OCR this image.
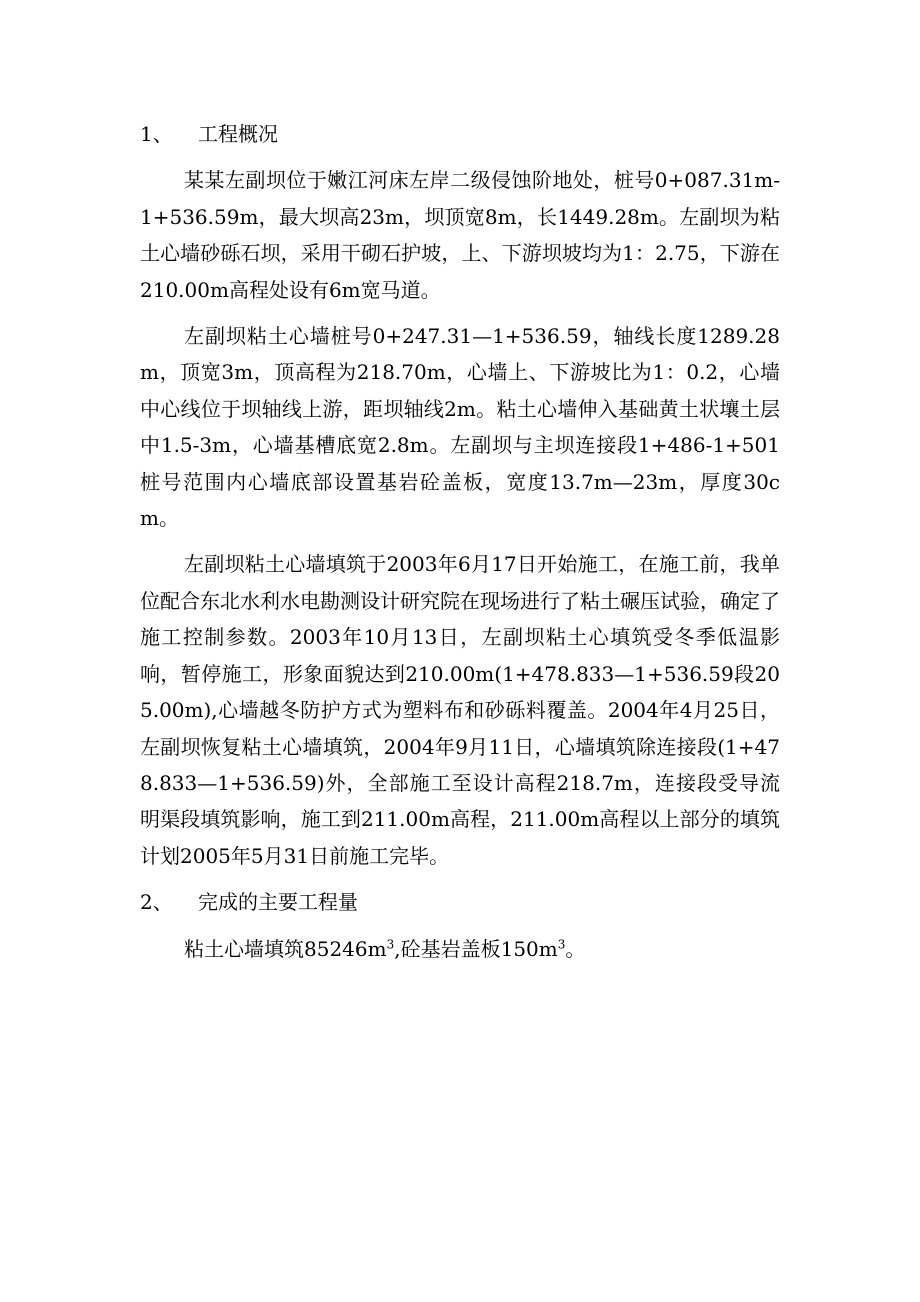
1、 工程概况

某某左副坝位于嫩江河床左岸二级侵蚀阶地处，桩号0+087.31m-1+536.59m，最大坝高23m，坝顶宽8m，长1449.28m。左副坝为粘土心墙砂砾石坝，采用干砌石护坡，上、下游坝坡均为1：2.75，下游在210.00m高程处设有6m宽马道。

左副坝粘土心墙桩号0+247.31—1+536.59，轴线长度1289.28m，顶宽3m，顶高程为218.70m，心墙上、下游坡比为1：0.2，心墙中心线位于坝轴线上游，距坝轴线2m。粘土心墙伸入基础黄土状壤土层中1.5-3m，心墙基槽底宽2.8m。左副坝与主坝连接段1+486-1+501桩号范围内心墙底部设置基岩砼盖板，宽度13.7m—23m，厚度30cm。

左副坝粘土心墙填筑于2003年6月17日开始施工，在施工前，我单位配合东北水利水电勘测设计研究院在现场进行了粘土碾压试验，确定了施工控制参数。2003年10月13日，左副坝粘土心填筑受冬季低温影响，暂停施工，形象面貌达到210.00m(1+478.833—1+536.59段205.00m),心墙越冬防护方式为塑料布和砂砾料覆盖。2004年4月25日，左副坝恢复粘土心墙填筑，2004年9月11日，心墙填筑除连接段(1+478.833—1+536.59)外，全部施工至设计高程218.7m，连接段受导流明渠段填筑影响，施工到211.00m高程，211.00m高程以上部分的填筑计划2005年5月31日前施工完毕。

2、 完成的主要工程量

粘土心墙填筑$85246m^3$,砼基岩盖板$150m^3$。
